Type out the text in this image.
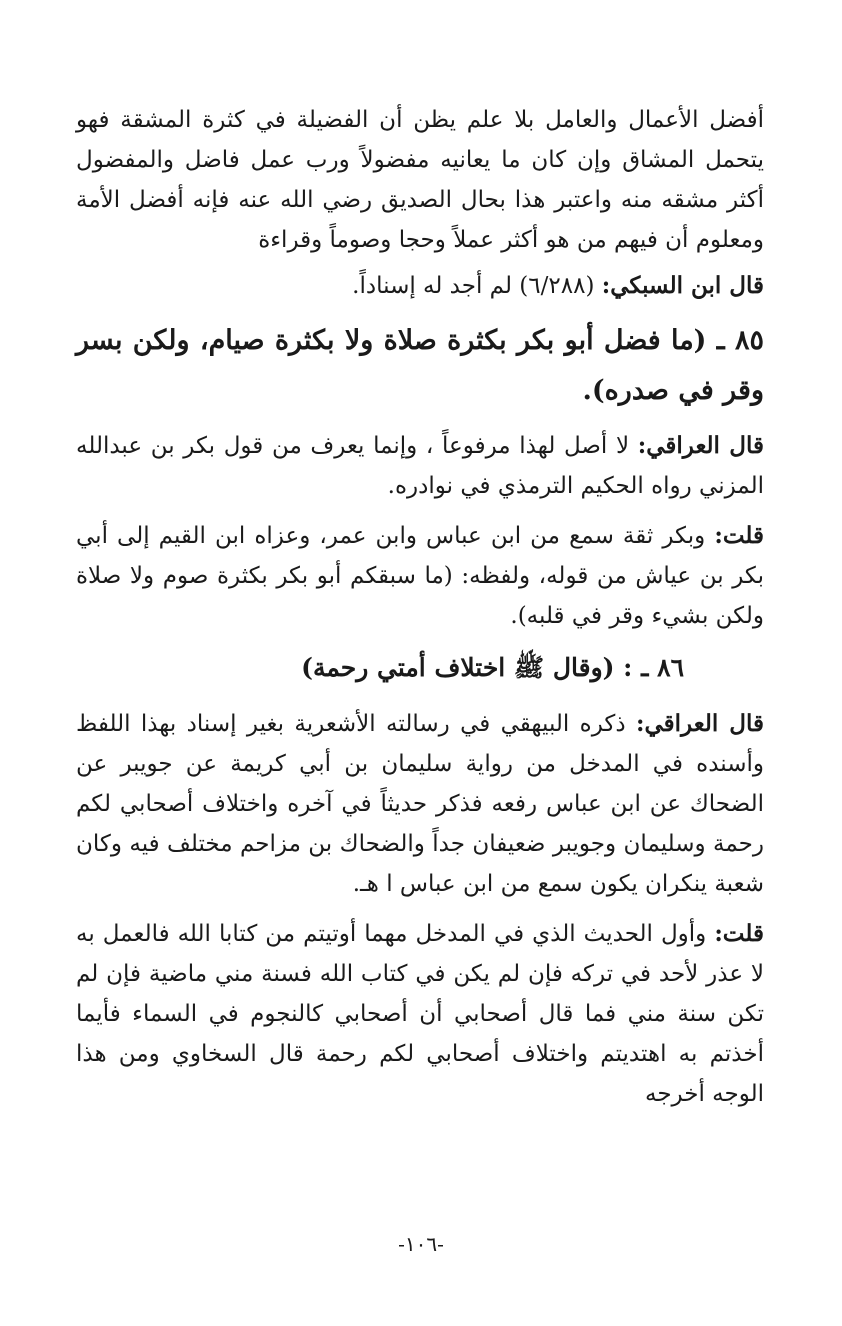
أفضل الأعمال والعامل بلا علم يظن أن الفضيلة في كثرة المشقة فهو يتحمل المشاق وإن كان ما يعانيه مفضولاً ورب عمل فاضل والمفضول أكثر مشقه منه واعتبر هذا بحال الصديق رضي الله عنه فإنه أفضل الأمة ومعلوم أن فيهم من هو أكثر عملاً وحجا وصوماً وقراءة

قال ابن السبكي: (٦/٢٨٨) لم أجد له إسناداً.

٨٥ ـ (ما فضل أبو بكر بكثرة صلاة ولا بكثرة صيام، ولكن بسر وقر في صدره).

قال العراقي: لا أصل لهذا مرفوعاً ، وإنما يعرف من قول بكر بن عبدالله المزني رواه الحكيم الترمذي في نوادره.

قلت: وبكر ثقة سمع من ابن عباس وابن عمر، وعزاه ابن القيم إلى أبي بكر بن عياش من قوله، ولفظه: (ما سبقكم أبو بكر بكثرة صوم ولا صلاة ولكن بشيء وقر في قلبه).

٨٦ ـ : (وقال ﷺ اختلاف أمتي رحمة)

قال العراقي: ذكره البيهقي في رسالته الأشعرية بغير إسناد بهذا اللفظ وأسنده في المدخل من رواية سليمان بن أبي كريمة عن جويبر عن الضحاك عن ابن عباس رفعه فذكر حديثاً في آخره واختلاف أصحابي لكم رحمة وسليمان وجويبر ضعيفان جداً والضحاك بن مزاحم مختلف فيه وكان شعبة ينكران يكون سمع من ابن عباس ا هـ.

قلت: وأول الحديث الذي في المدخل مهما أوتيتم من كتابا الله فالعمل به لا عذر لأحد في تركه فإن لم يكن في كتاب الله فسنة مني ماضية فإن لم تكن سنة مني فما قال أصحابي أن أصحابي كالنجوم في السماء فأيما أخذتم به اهتديتم واختلاف أصحابي لكم رحمة قال السخاوي ومن هذا الوجه أخرجه

-١٠٦-
